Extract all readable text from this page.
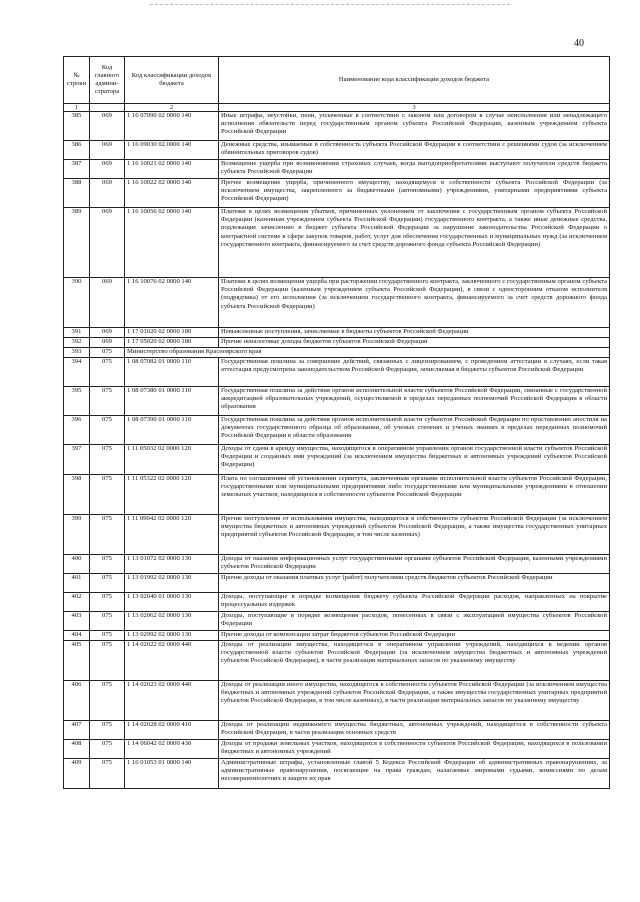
40
№ строки	Код главного админи-стратора	Код классификации доходов бюджета	Наименование кода классификации доходов бюджета
1		2	3
385	069	1 16 07090 02 0000 140	Иные штрафы, неустойки, пени, уплаченные в соответствии с законом или договором в случае неисполнения или ненадлежащего исполнения обязательств перед государственным органом субъекта Российской Федерации, казенным учреждением субъекта Российской Федерации
386	069	1 16 09030 02 0000 140	Денежные средства, изымаемые в собственность субъекта Российской Федерации в соответствии с решениями судов (за исключением обвинительных приговоров судов)
387	069	1 16 10021 02 0000 140	Возмещение ущерба при возникновении страховых случаев, когда выгодоприобретателями выступают получатели средств бюджета субъекта Российской Федерации
388	069	1 16 10022 02 0000 140	Прочее возмещение ущерба, причиненного имуществу, находящемуся в собственности субъекта Российской Федерации (за исключением имущества, закрепленного за бюджетными (автономными) учреждениями, унитарными предприятиями субъекта Российской Федерации)
389	069	1 16 10056 02 0000 140	Платежи в целях возмещения убытков, причиненных уклонением от заключения с государственным органом субъекта Российской Федерации (казенным учреждением субъекта Российской Федерации) государственного контракта, а также иные денежные средства, подлежащие зачислению в бюджет субъекта Российской Федерации за нарушение законодательства Российской Федерации о контрактной системе в сфере закупок товаров, работ, услуг для обеспечения государственных и муниципальных нужд (за исключением государственного контракта, финансируемого за счет средств дорожного фонда субъекта Российской Федерации)
390	069	1 16 10076 02 0000 140	Платежи в целях возмещения ущерба при расторжении государственного контракта, заключенного с государственным органом субъекта Российской Федерации (казенным учреждением субъекта Российской Федерации), в связи с односторонним отказом исполнителя (подрядчика) от его исполнения (за исключением государственного контракта, финансируемого за счет средств дорожного фонда субъекта Российской Федерации)
391	069	1 17 01020 02 0000 180	Невыясненные поступления, зачисляемые в бюджеты субъектов Российской Федерации
392	069	1 17 05020 02 0000 180	Прочие неналоговые доходы бюджетов субъектов Российской Федерации
393	075	Министерство образования Красноярского края	
394	075	1 08 07082 01 0000 110	Государственная пошлина за совершение действий, связанных с лицензированием, с проведением аттестации в случаях, если такая аттестация предусмотрена законодательством Российской Федерации, зачисляемая в бюджеты субъектов Российской Федерации
395	075	1 08 07380 01 0000 110	Государственная пошлина за действия органов исполнительной власти субъектов Российской Федерации, связанные с государственной аккредитацией образовательных учреждений, осуществляемой в пределах переданных полномочий Российской Федерации в области образования
396	075	1 08 07390 01 0000 110	Государственная пошлина за действия органов исполнительной власти субъектов Российской Федерации по проставлению апостиля на документах государственного образца об образовании, об ученых степенях и ученых званиях в пределах переданных полномочий Российской Федерации в области образования
397	075	1 11 05032 02 0000 120	Доходы от сдачи в аренду имущества, находящегося в оперативном управлении органов государственной власти субъектов Российской Федерации и созданных ими учреждений (за исключением имущества бюджетных и автономных учреждений субъектов Российской Федерации)
398	075	1 11 05322 02 0000 120	Плата по соглашениям об установлении сервитута, заключенным органами исполнительной власти субъектов Российской Федерации, государственными или муниципальными предприятиями либо государственными или муниципальными учреждениями в отношении земельных участков, находящихся в собственности субъектов Российской Федерации
399	075	1 11 09042 02 0000 120	Прочие поступления от использования имущества, находящегося в собственности субъектов Российской Федерации (за исключением имущества бюджетных и автономных учреждений субъектов Российской Федерации, а также имущества государственных унитарных предприятий субъектов Российской Федерации, в том числе казенных)
400	075	1 13 01072 02 0000 130	Доходы от оказания информационных услуг государственными органами субъектов Российской Федерации, казенными учреждениями субъектов Российской Федерации
401	075	1 13 01992 02 0000 130	Прочие доходы от оказания платных услуг (работ) получателями средств бюджетов субъектов Российской Федерации
402	075	1 13 02040 01 0000 130	Доходы, поступающие в порядке возмещения бюджету субъекта Российской Федерации расходов, направленных на покрытие процессуальных издержек
403	075	1 13 02062 02 0000 130	Доходы, поступающие в порядке возмещения расходов, понесенных в связи с эксплуатацией имущества субъектов Российской Федерации
404	075	1 13 02992 02 0000 130	Прочие доходы от компенсации затрат бюджетов субъектов Российской Федерации
405	075	1 14 02022 02 0000 440	Доходы от реализации имущества, находящегося в оперативном управлении учреждений, находящихся в ведении органов государственной власти субъектов Российской Федерации (за исключением имущества бюджетных и автономных учреждений субъектов Российской Федерации), в части реализации материальных запасов по указанному имуществу
406	075	1 14 02023 02 0000 440	Доходы от реализации иного имущества, находящегося в собственности субъектов Российской Федерации (за исключением имущества бюджетных и автономных учреждений субъектов Российской Федерации, а также имущества государственных унитарных предприятий субъектов Российской Федерации, в том числе казенных), в части реализации материальных запасов по указанному имуществу
407	075	1 14 02028 02 0000 410	Доходы от реализации недвижимого имущества бюджетных, автономных учреждений, находящегося в собственности субъекта Российской Федерации, в части реализации основных средств
408	075	1 14 06042 02 0000 430	Доходы от продажи земельных участков, находящихся в собственности субъектов Российской Федерации, находящихся в пользовании бюджетных и автономных учреждений
409	075	1 16 01053 01 0000 140	Административные штрафы, установленные главой 5 Кодекса Российской Федерации об административных правонарушениях, за административные правонарушения, посягающие на права граждан, налагаемые мировыми судьями, комиссиями по делам несовершеннолетних и защите их прав
